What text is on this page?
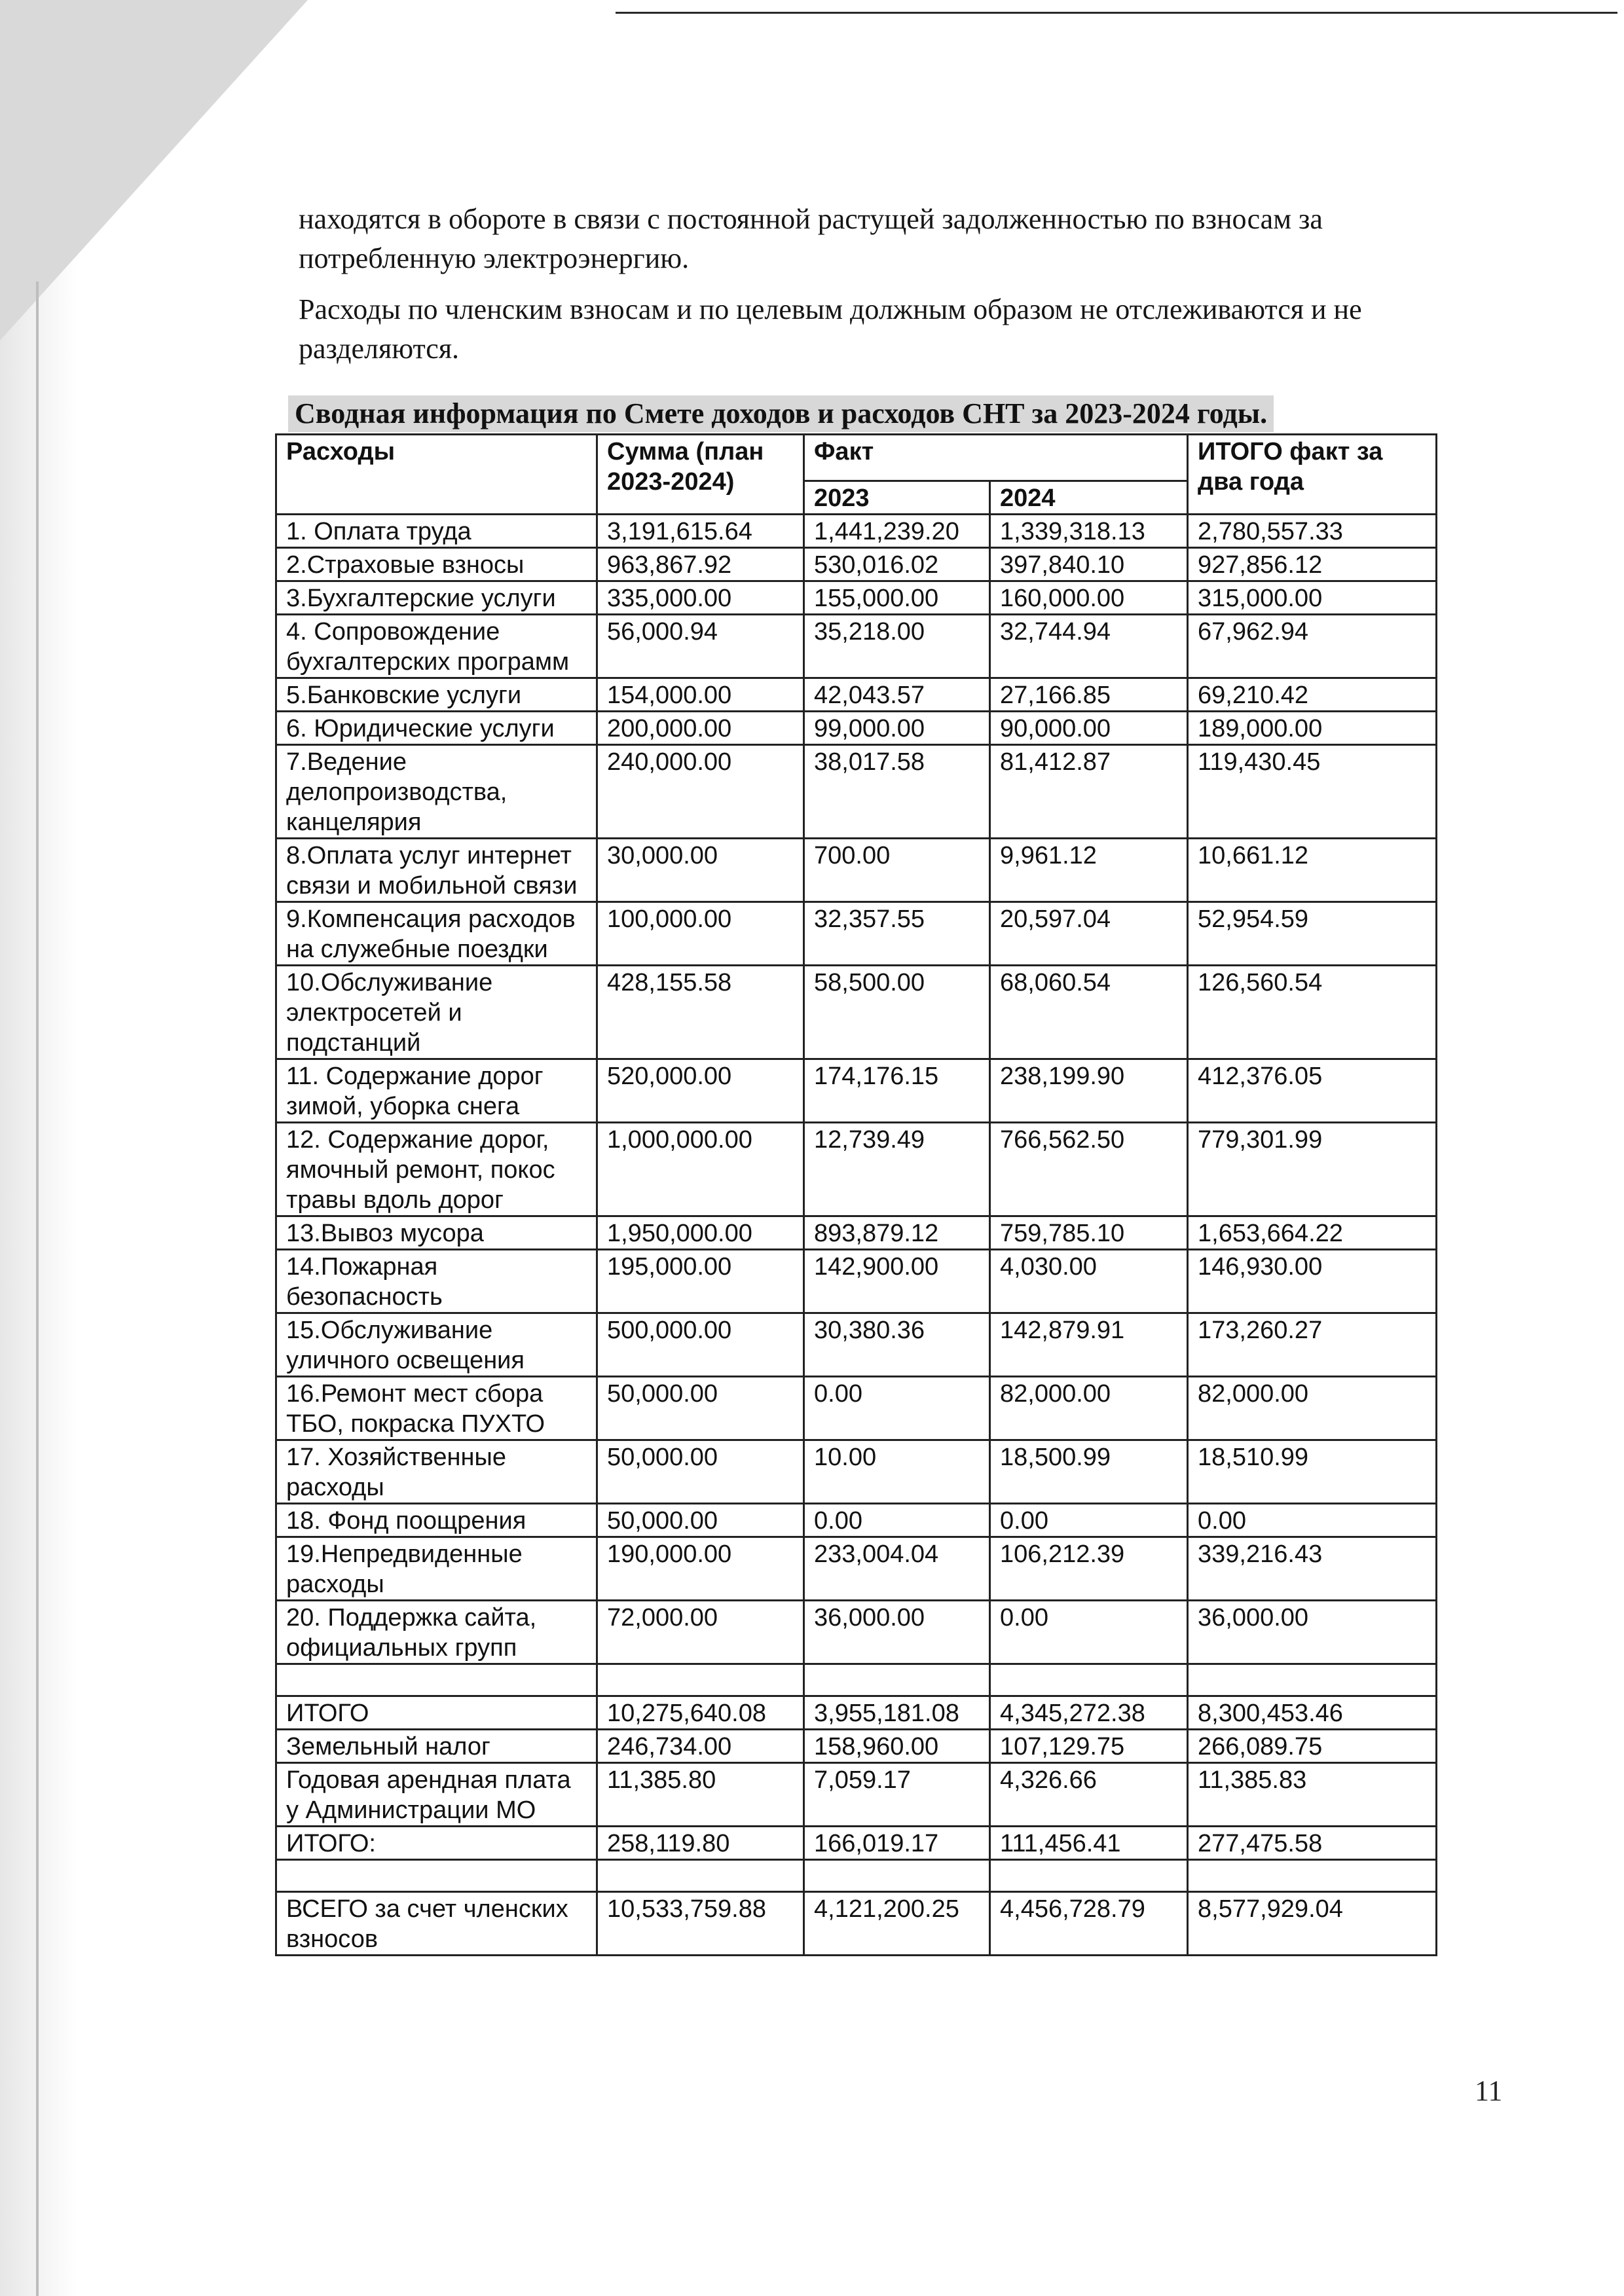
находятся в обороте в связи с постоянной растущей задолженностью по взносам за потребленную электроэнергию.
Расходы по членским взносам и по целевым должным образом не отслеживаются и не разделяются.
Сводная информация по Смете доходов и расходов СНТ за 2023-2024 годы.
Расходы	Сумма (план 2023-2024)	Факт		ИТОГО факт за два года
		2023	2024	
1. Оплата труда	3,191,615.64	1,441,239.20	1,339,318.13	2,780,557.33
2.Страховые взносы	963,867.92	530,016.02	397,840.10	927,856.12
3.Бухгалтерские услуги	335,000.00	155,000.00	160,000.00	315,000.00
4. Сопровождение бухгалтерских программ	56,000.94	35,218.00	32,744.94	67,962.94
5.Банковские услуги	154,000.00	42,043.57	27,166.85	69,210.42
6. Юридические услуги	200,000.00	99,000.00	90,000.00	189,000.00
7.Ведение делопроизводства, канцелярия	240,000.00	38,017.58	81,412.87	119,430.45
8.Оплата услуг интернет связи и мобильной связи	30,000.00	700.00	9,961.12	10,661.12
9.Компенсация расходов на служебные поездки	100,000.00	32,357.55	20,597.04	52,954.59
10.Обслуживание электросетей и подстанций	428,155.58	58,500.00	68,060.54	126,560.54
11. Содержание дорог зимой, уборка снега	520,000.00	174,176.15	238,199.90	412,376.05
12. Содержание дорог, ямочный ремонт, покос травы вдоль дорог	1,000,000.00	12,739.49	766,562.50	779,301.99
13.Вывоз мусора	1,950,000.00	893,879.12	759,785.10	1,653,664.22
14.Пожарная безопасность	195,000.00	142,900.00	4,030.00	146,930.00
15.Обслуживание уличного освещения	500,000.00	30,380.36	142,879.91	173,260.27
16.Ремонт мест сбора ТБО, покраска ПУХТО	50,000.00	0.00	82,000.00	82,000.00
17. Хозяйственные расходы	50,000.00	10.00	18,500.99	18,510.99
18. Фонд поощрения	50,000.00	0.00	0.00	0.00
19.Непредвиденные расходы	190,000.00	233,004.04	106,212.39	339,216.43
20. Поддержка сайта, официальных групп	72,000.00	36,000.00	0.00	36,000.00

ИТОГО	10,275,640.08	3,955,181.08	4,345,272.38	8,300,453.46
Земельный налог	246,734.00	158,960.00	107,129.75	266,089.75
Годовая арендная плата у Администрации МО	11,385.80	7,059.17	4,326.66	11,385.83
ИТОГО:	258,119.80	166,019.17	111,456.41	277,475.58

ВСЕГО за счет членских взносов	10,533,759.88	4,121,200.25	4,456,728.79	8,577,929.04
11
